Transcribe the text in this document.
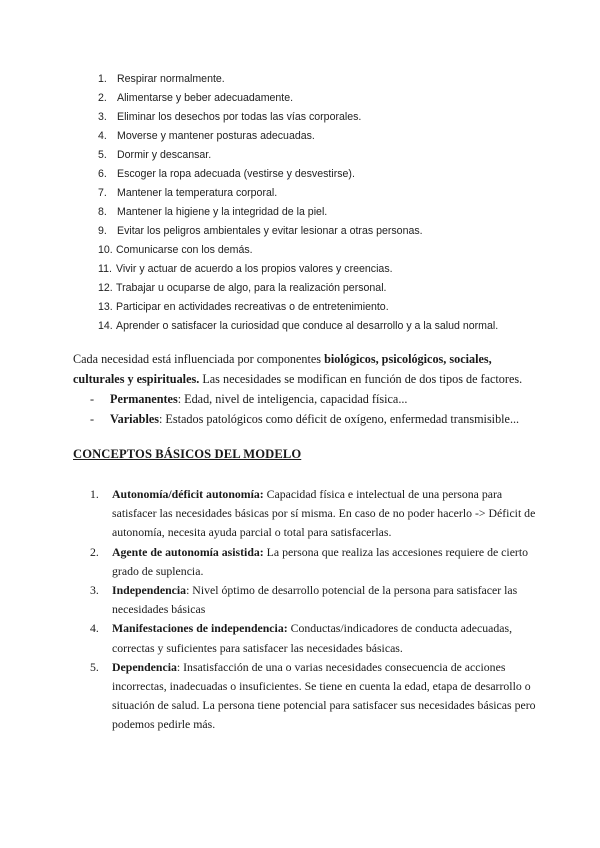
1. Respirar normalmente.
2. Alimentarse y beber adecuadamente.
3. Eliminar los desechos por todas las vías corporales.
4. Moverse y mantener posturas adecuadas.
5. Dormir y descansar.
6. Escoger la ropa adecuada (vestirse y desvestirse).
7. Mantener la temperatura corporal.
8. Mantener la higiene y la integridad de la piel.
9. Evitar los peligros ambientales y evitar lesionar a otras personas.
10. Comunicarse con los demás.
11. Vivir y actuar de acuerdo a los propios valores y creencias.
12. Trabajar u ocuparse de algo, para la realización personal.
13. Participar en actividades recreativas o de entretenimiento.
14. Aprender o satisfacer la curiosidad que conduce al desarrollo y a la salud normal.

Cada necesidad está influenciada por componentes biológicos, psicológicos, sociales, culturales y espirituales. Las necesidades se modifican en función de dos tipos de factores.

- Permanentes: Edad, nivel de inteligencia, capacidad física...
- Variables: Estados patológicos como déficit de oxígeno, enfermedad transmisible...
CONCEPTOS BÁSICOS DEL MODELO
1. Autonomía/déficit autonomía: Capacidad física e intelectual de una persona para satisfacer las necesidades básicas por sí misma. En caso de no poder hacerlo -> Déficit de autonomía, necesita ayuda parcial o total para satisfacerlas.
2. Agente de autonomía asistida: La persona que realiza las accesiones requiere de cierto grado de suplencia.
3. Independencia: Nivel óptimo de desarrollo potencial de la persona para satisfacer las necesidades básicas
4. Manifestaciones de independencia: Conductas/indicadores de conducta adecuadas, correctas y suficientes para satisfacer las necesidades básicas.
5. Dependencia: Insatisfacción de una o varias necesidades consecuencia de acciones incorrectas, inadecuadas o insuficientes. Se tiene en cuenta la edad, etapa de desarrollo o situación de salud. La persona tiene potencial para satisfacer sus necesidades básicas pero podemos pedirle más.
